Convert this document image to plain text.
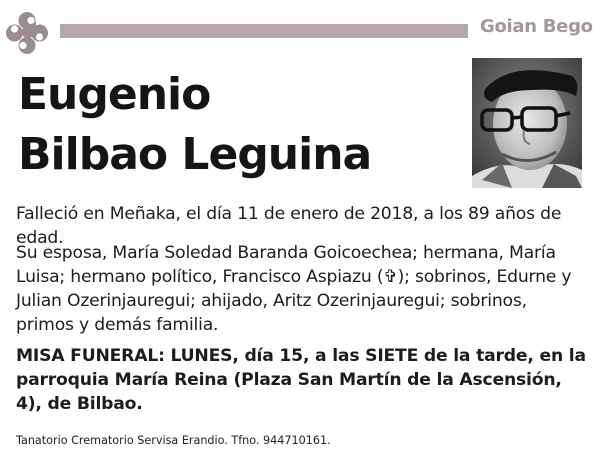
Goian Bego
Eugenio
Bilbao Leguina
Falleció en Meñaka, el día 11 de enero de 2018, a los 89 años de edad.
Su esposa, María Soledad Baranda Goicoechea; hermana, María Luisa; hermano político, Francisco Aspiazu (✞); sobrinos, Edurne y Julian Ozerinjauregui; ahijado, Aritz Ozerinjauregui; sobrinos, primos y demás familia.
MISA FUNERAL: LUNES, día 15, a las SIETE de la tarde, en la parroquia María Reina (Plaza San Martín de la Ascensión, 4), de Bilbao.
Tanatorio Crematorio Servisa Erandio. Tfno. 944710161.
